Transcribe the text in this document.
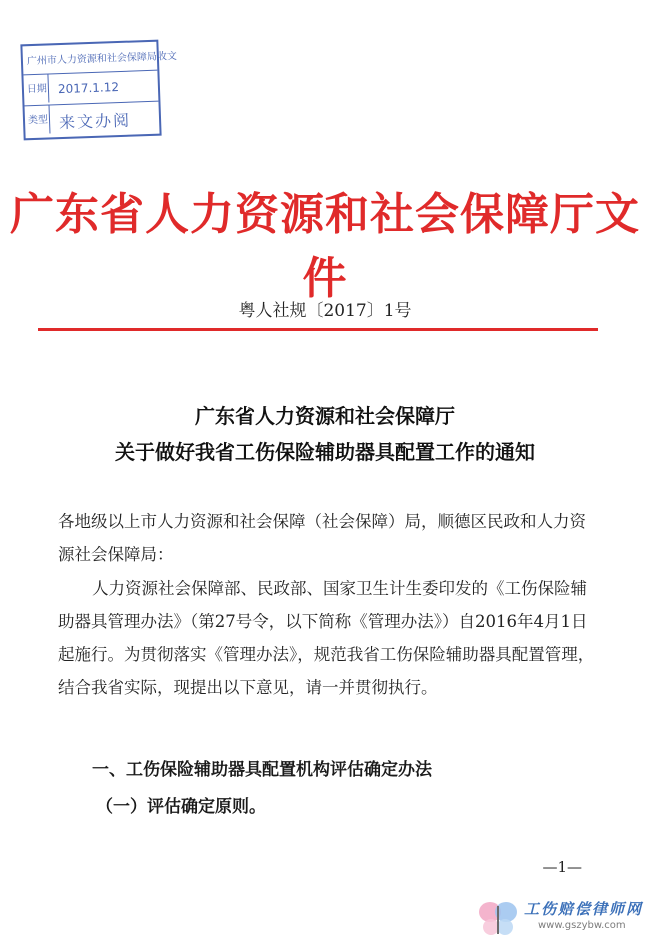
广州市人力资源和社会保障局收文
日期 2017.1.12
类型 来文办阅
广东省人力资源和社会保障厅文件
粤人社规〔2017〕1号
广东省人力资源和社会保障厅
关于做好我省工伤保险辅助器具配置工作的通知
各地级以上市人力资源和社会保障（社会保障）局，顺德区民政和人力资源社会保障局：
人力资源社会保障部、民政部、国家卫生计生委印发的《工伤保险辅助器具管理办法》（第27号令，以下简称《管理办法》）自2016年4月1日起施行。为贯彻落实《管理办法》，规范我省工伤保险辅助器具配置管理，结合我省实际，现提出以下意见，请一并贯彻执行。
一、工伤保险辅助器具配置机构评估确定办法
（一）评估确定原则。
—1—
工伤赔偿律师网
www.gszybw.com
